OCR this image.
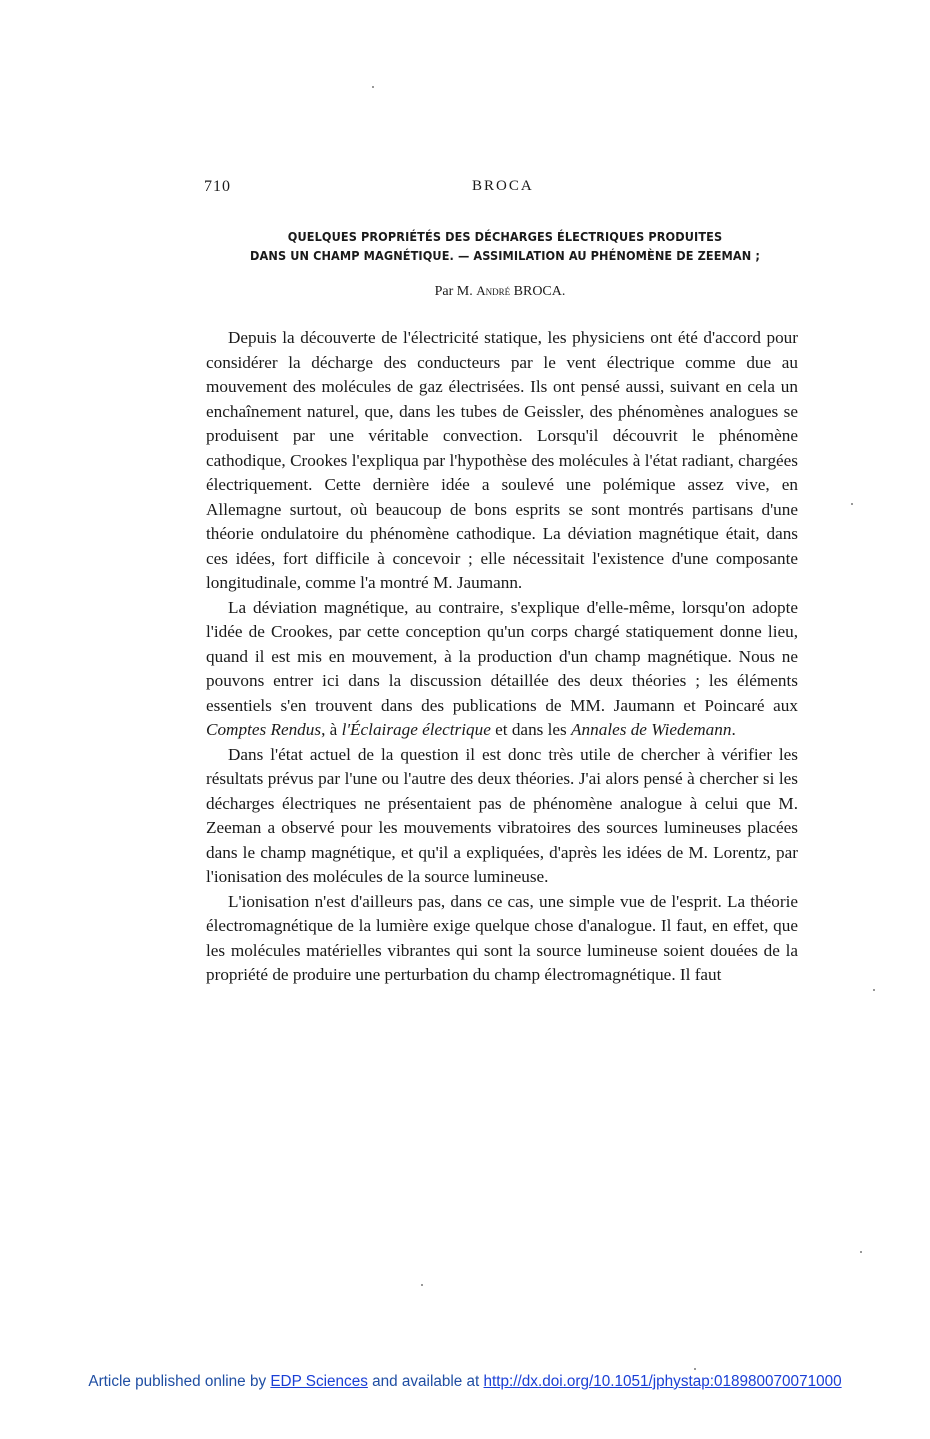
710	BROCA
QUELQUES PROPRIÉTÉS DES DÉCHARGES ÉLECTRIQUES PRODUITES
DANS UN CHAMP MAGNÉTIQUE. — ASSIMILATION AU PHÉNOMÈNE DE ZEEMAN ;
Par M. André BROCA.

Depuis la découverte de l'électricité statique, les physiciens ont été d'accord pour considérer la décharge des conducteurs par le vent électrique comme due au mouvement des molécules de gaz électrisées. Ils ont pensé aussi, suivant en cela un enchaînement naturel, que, dans les tubes de Geissler, des phénomènes analogues se produisent par une véritable convection. Lorsqu'il découvrit le phénomène cathodique, Crookes l'expliqua par l'hypothèse des molécules à l'état radiant, chargées électriquement. Cette dernière idée a soulevé une polémique assez vive, en Allemagne surtout, où beaucoup de bons esprits se sont montrés partisans d'une théorie ondulatoire du phénomène cathodique. La déviation magnétique était, dans ces idées, fort difficile à concevoir ; elle nécessitait l'existence d'une composante longitudinale, comme l'a montré M. Jaumann.

La déviation magnétique, au contraire, s'explique d'elle-même, lorsqu'on adopte l'idée de Crookes, par cette conception qu'un corps chargé statiquement donne lieu, quand il est mis en mouvement, à la production d'un champ magnétique. Nous ne pouvons entrer ici dans la discussion détaillée des deux théories ; les éléments essentiels s'en trouvent dans des publications de MM. Jaumann et Poincaré aux Comptes Rendus, à l'Éclairage électrique et dans les Annales de Wiedemann.

Dans l'état actuel de la question il est donc très utile de chercher à vérifier les résultats prévus par l'une ou l'autre des deux théories. J'ai alors pensé à chercher si les décharges électriques ne présentaient pas de phénomène analogue à celui que M. Zeeman a observé pour les mouvements vibratoires des sources lumineuses placées dans le champ magnétique, et qu'il a expliquées, d'après les idées de M. Lorentz, par l'ionisation des molécules de la source lumineuse.

L'ionisation n'est d'ailleurs pas, dans ce cas, une simple vue de l'esprit. La théorie électromagnétique de la lumière exige quelque chose d'analogue. Il faut, en effet, que les molécules matérielles vibrantes qui sont la source lumineuse soient douées de la propriété de produire une perturbation du champ électromagnétique. Il faut

Article published online by EDP Sciences and available at http://dx.doi.org/10.1051/jphystap:018980070071000
